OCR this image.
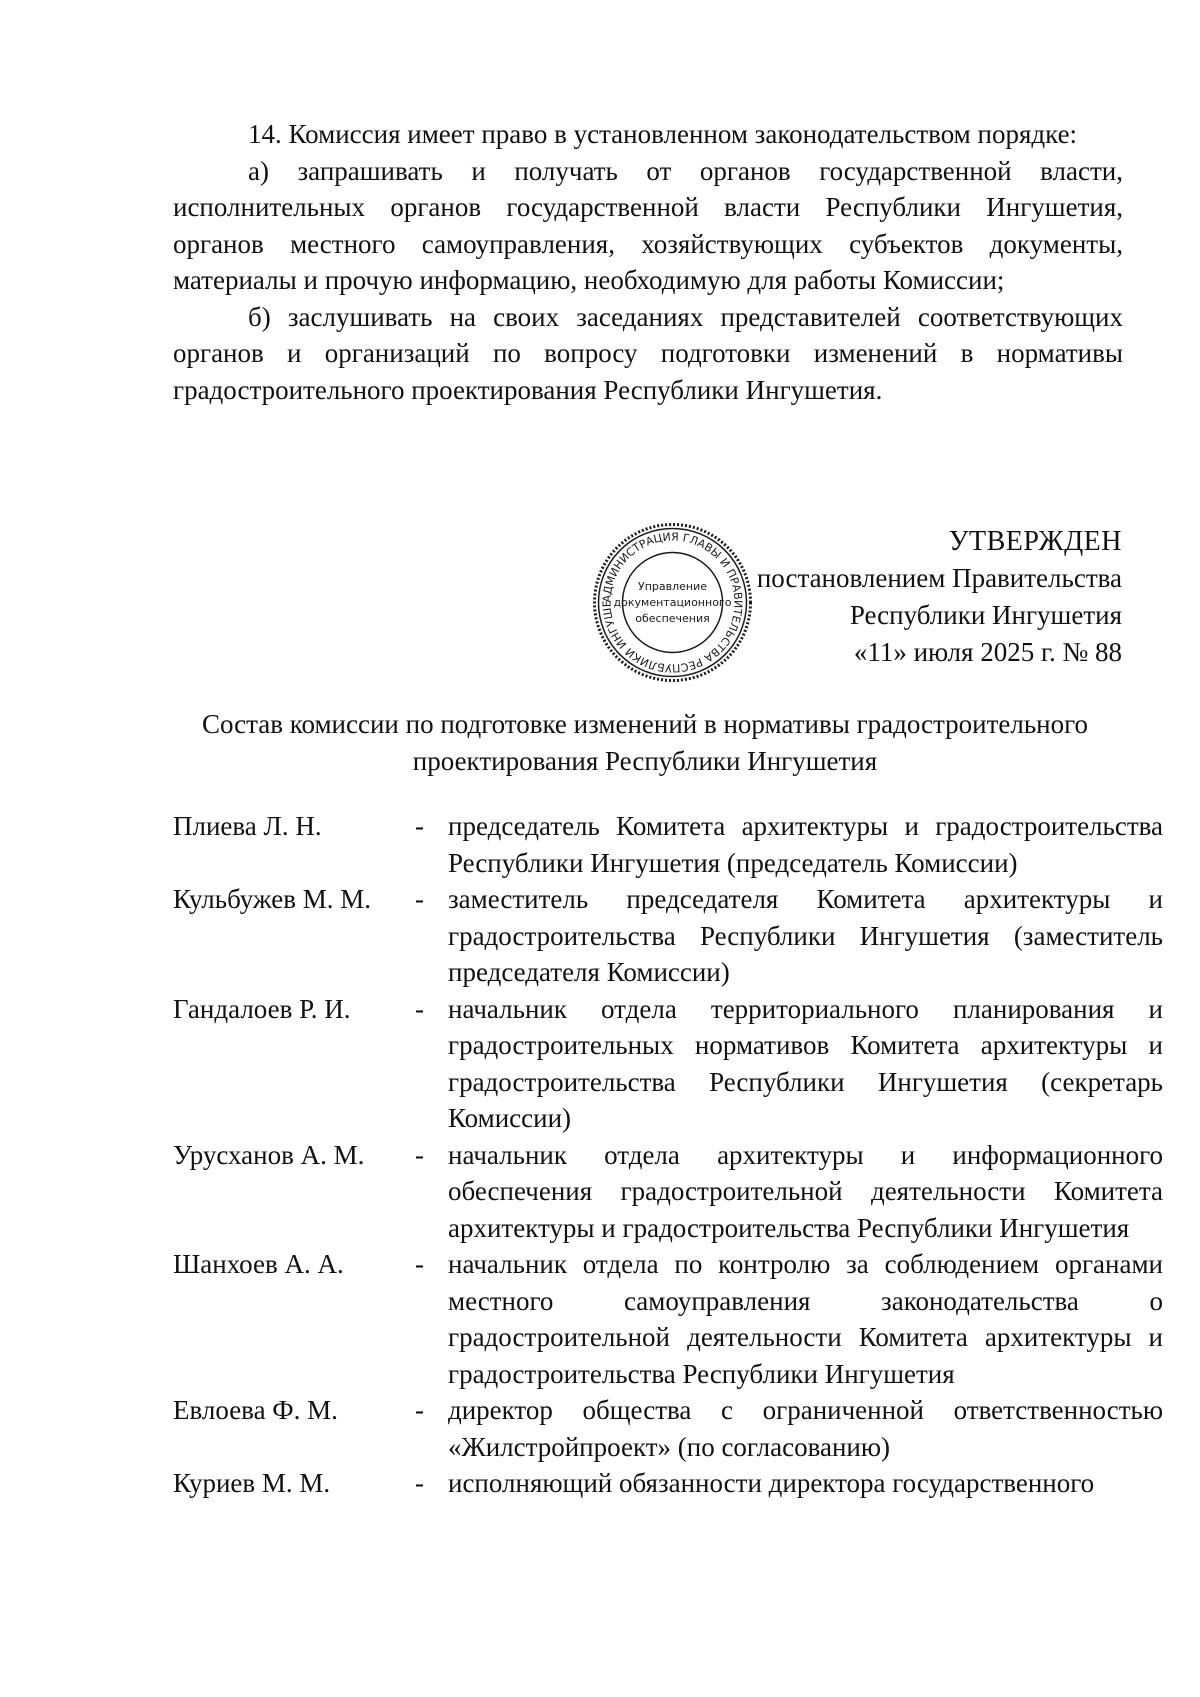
14. Комиссия имеет право в установленном законодательством порядке:

а) запрашивать и получать от органов государственной власти, исполнительных органов государственной власти Республики Ингушетия, органов местного самоуправления, хозяйствующих субъектов документы, материалы и прочую информацию, необходимую для работы Комиссии;

б) заслушивать на своих заседаниях представителей соответствующих органов и организаций по вопросу подготовки изменений в нормативы градостроительного проектирования Республики Ингушетия.

АДМИНИСТРАЦИЯ ГЛАВЫ И ПРАВИТЕЛЬСТВА РЕСПУБЛИКИ ИНГУШЕ
Управление
документационного
обеспечения
УТВЕРЖДЕН
постановлением Правительства
Республики Ингушетия
«11» июля 2025 г. № 88
Состав комиссии по подготовке изменений в нормативы градостроительного
проектирования Республики Ингушетия
Плиева Л. Н.	- председатель Комитета архитектуры и градостроительства Республики Ингушетия (председатель Комиссии)
Кульбужев М. М.	- заместитель председателя Комитета архитектуры и градостроительства Республики Ингушетия (заместитель председателя Комиссии)
Гандалоев Р. И.	- начальник отдела территориального планирования и градостроительных нормативов Комитета архитектуры и градостроительства Республики Ингушетия (секретарь Комиссии)
Урусханов А. М.	- начальник отдела архитектуры и информационного обеспечения градостроительной деятельности Комитета архитектуры и градостроительства Республики Ингушетия
Шанхоев А. А.	- начальник отдела по контролю за соблюдением органами местного самоуправления законодательства о градостроительной деятельности Комитета архитектуры и градостроительства Республики Ингушетия
Евлоева Ф. М.	- директор общества с ограниченной ответственностью «Жилстройпроект» (по согласованию)
Куриев М. М.	- исполняющий обязанности директора государственного
